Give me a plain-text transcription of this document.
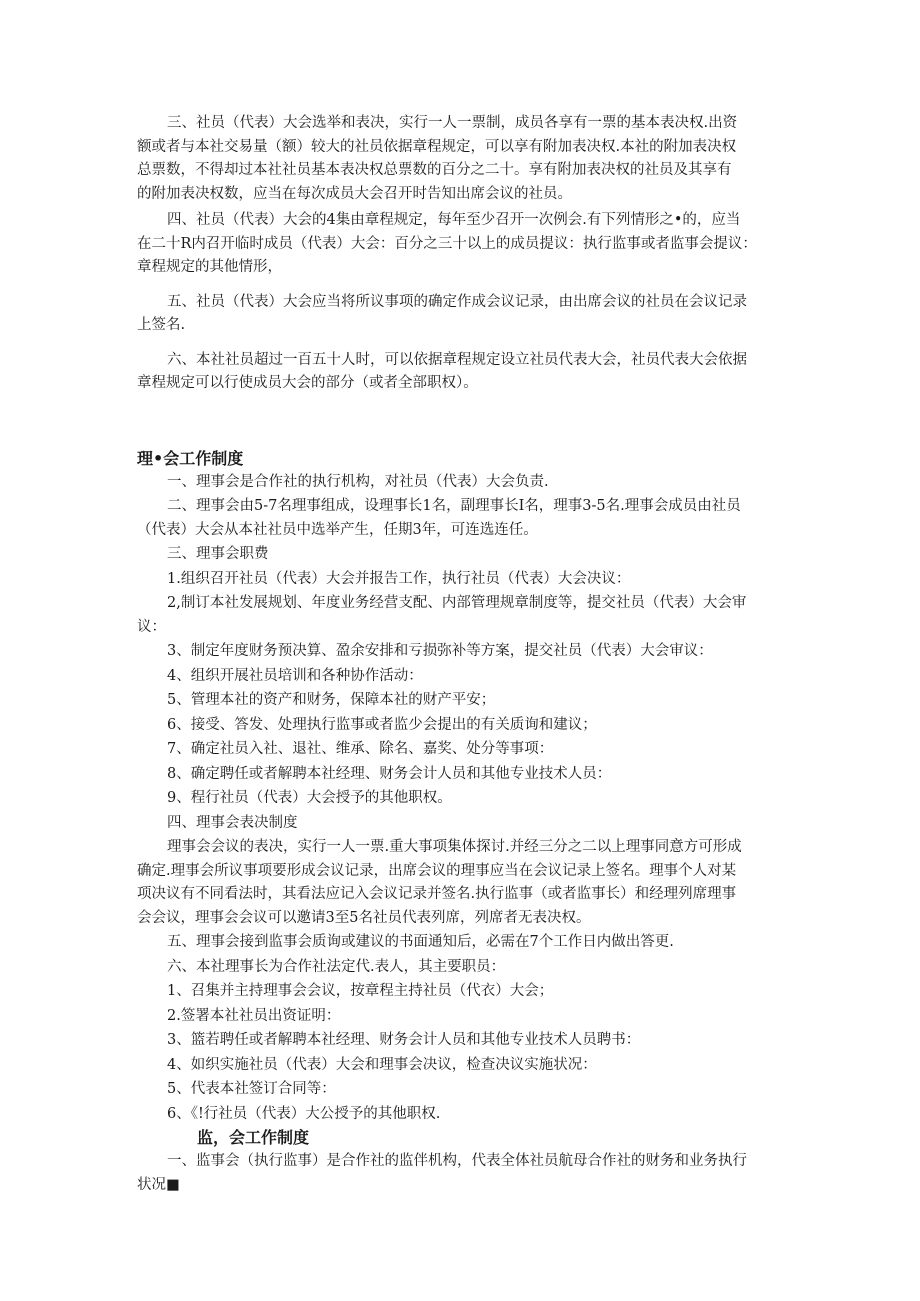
三、社员（代表）大会选举和表决，实行一人一票制，成员各享有一票的基本表决权.出资

额或者与本社交易量（额）较大的社员依据章程规定，可以享有附加表决权.本社的附加表决权

总票数，不得却过本社社员基本表决权总票数的百分之二十。享有附加表决权的社员及其享有

的附加表决权数，应当在每次成员大会召开时告知出席会议的社员。

四、社员（代表）大会的4集由章程规定，每年至少召开一次例会.有下列情形之•的，应当

在二十R内召开临时成员（代表）大会：百分之三十以上的成员提议：执行监事或者监事会提议：

章程规定的其他情形，

五、社员（代表）大会应当将所议事项的确定作成会议记录，由出席会议的社员在会议记录

上签名.

六、本社社员超过一百五十人时，可以依据章程规定设立社员代表大会，社员代表大会依据

章程规定可以行使成员大会的部分（或者全部职权）。

理•会工作制度

一、理事会是合作社的执行机构，对社员（代表）大会负责.

二、理事会由5-7名理事组成，设理事长1名，副理事长I名，理事3-5名.理事会成员由社员

（代表）大会从本社社员中选举产生，任期3年，可连选连任。

三、理事会职费

1.组织召开社员（代表）大会并报告工作，执行社员（代表）大会决议：

2,制订本社发展规划、年度业务经营支配、内部管理规章制度等，提交社员（代表）大会审

议：

3、制定年度财务预决算、盈余安排和亏损弥补等方案，提交社员（代表）大会审议：

4、组织开展社员培训和各种协作活动：

5、管理本社的资产和财务，保障本社的财产平安；

6、接受、答发、处理执行监事或者监少会提出的有关质询和建议；

7、确定社员入社、退社、维承、除名、嘉奖、处分等事项：

8、确定聘任或者解聘本社经理、财务会计人员和其他专业技术人员：

9、程行社员（代表）大会授予的其他职权。

四、理事会表决制度

理事会会议的表决，实行一人一票.重大事项集体探讨.并经三分之二以上理事同意方可形成

确定.理事会所议事项要形成会议记录，出席会议的理事应当在会议记录上签名。理事个人对某

项决议有不同看法时，其看法应记入会议记录并签名.执行监事（或者监事长）和经理列席理事

会会议，理事会会议可以邀请3至5名社员代表列席，列席者无表决权。

五、理事会接到监事会质询或建议的书面通知后，必需在7个工作日内做出答更.

六、本社理事长为合作社法定代.表人，其主要职员：

1、召集并主持理事会会议，按章程主持社员（代衣）大会；

2.签署本社社员出资证明：

3、篮若聘任或者解聘本社经理、财务会计人员和其他专业技术人员聘书：

4、如织实施社员（代表）大会和理事会决议，检查决议实施状况：

5、代表本社签订合同等：

6、《!行社员（代表）大公授予的其他职权.

监，会工作制度

一、监事会（执行监事）是合作社的监伴机构，代表全体社员航母合作社的财务和业务执行

状况■
